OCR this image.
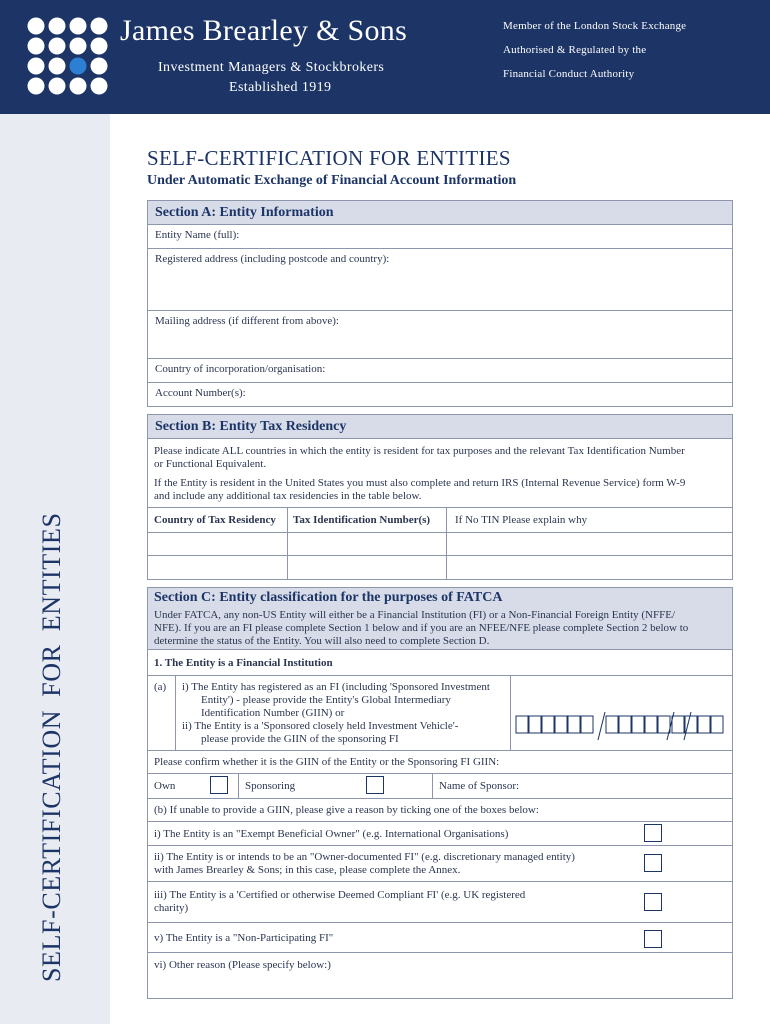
James Brearley & Sons
Investment Managers & Stockbrokers
Established 1919
Member of the London Stock Exchange
Authorised & Regulated by the
Financial Conduct Authority
SELF-CERTIFICATION FOR ENTITIES
SELF-CERTIFICATION FOR ENTITIES
Under Automatic Exchange of Financial Account Information
Section A: Entity Information
Entity Name (full):
Registered address (including postcode and country):
Mailing address (if different from above):
Country of incorporation/organisation:
Account Number(s):
Section B: Entity Tax Residency
Please indicate ALL countries in which the entity is resident for tax purposes and the relevant Tax Identification Number
or Functional Equivalent.
If the Entity is resident in the United States you must also complete and return IRS (Internal Revenue Service) form W-9
and include any additional tax residencies in the table below.
Country of Tax Residency Tax Identification Number(s) If No TIN Please explain why
Section C: Entity classification for the purposes of FATCA
Under FATCA, any non-US Entity will either be a Financial Institution (FI) or a Non-Financial Foreign Entity (NFFE/
NFE). If you are an FI please complete Section 1 below and if you are an NFEE/NFE please complete Section 2 below to
determine the status of the Entity. You will also need to complete Section D.
1. The Entity is a Financial Institution
(a) i) The Entity has registered as an FI (including 'Sponsored Investment
Entity') - please provide the Entity's Global Intermediary
Identification Number (GIIN) or
ii) The Entity is a 'Sponsored closely held Investment Vehicle'-
please provide the GIIN of the sponsoring FI
Please confirm whether it is the GIIN of the Entity or the Sponsoring FI GIIN:
Own	Sponsoring	Name of Sponsor:
(b) If unable to provide a GIIN, please give a reason by ticking one of the boxes below:
i) The Entity is an "Exempt Beneficial Owner" (e.g. International Organisations)
ii) The Entity is or intends to be an "Owner-documented FI" (e.g. discretionary managed entity)
with James Brearley & Sons; in this case, please complete the Annex.
iii) The Entity is a 'Certified or otherwise Deemed Compliant FI' (e.g. UK registered
charity)
v) The Entity is a "Non-Participating FI"
vi) Other reason (Please specify below:)
